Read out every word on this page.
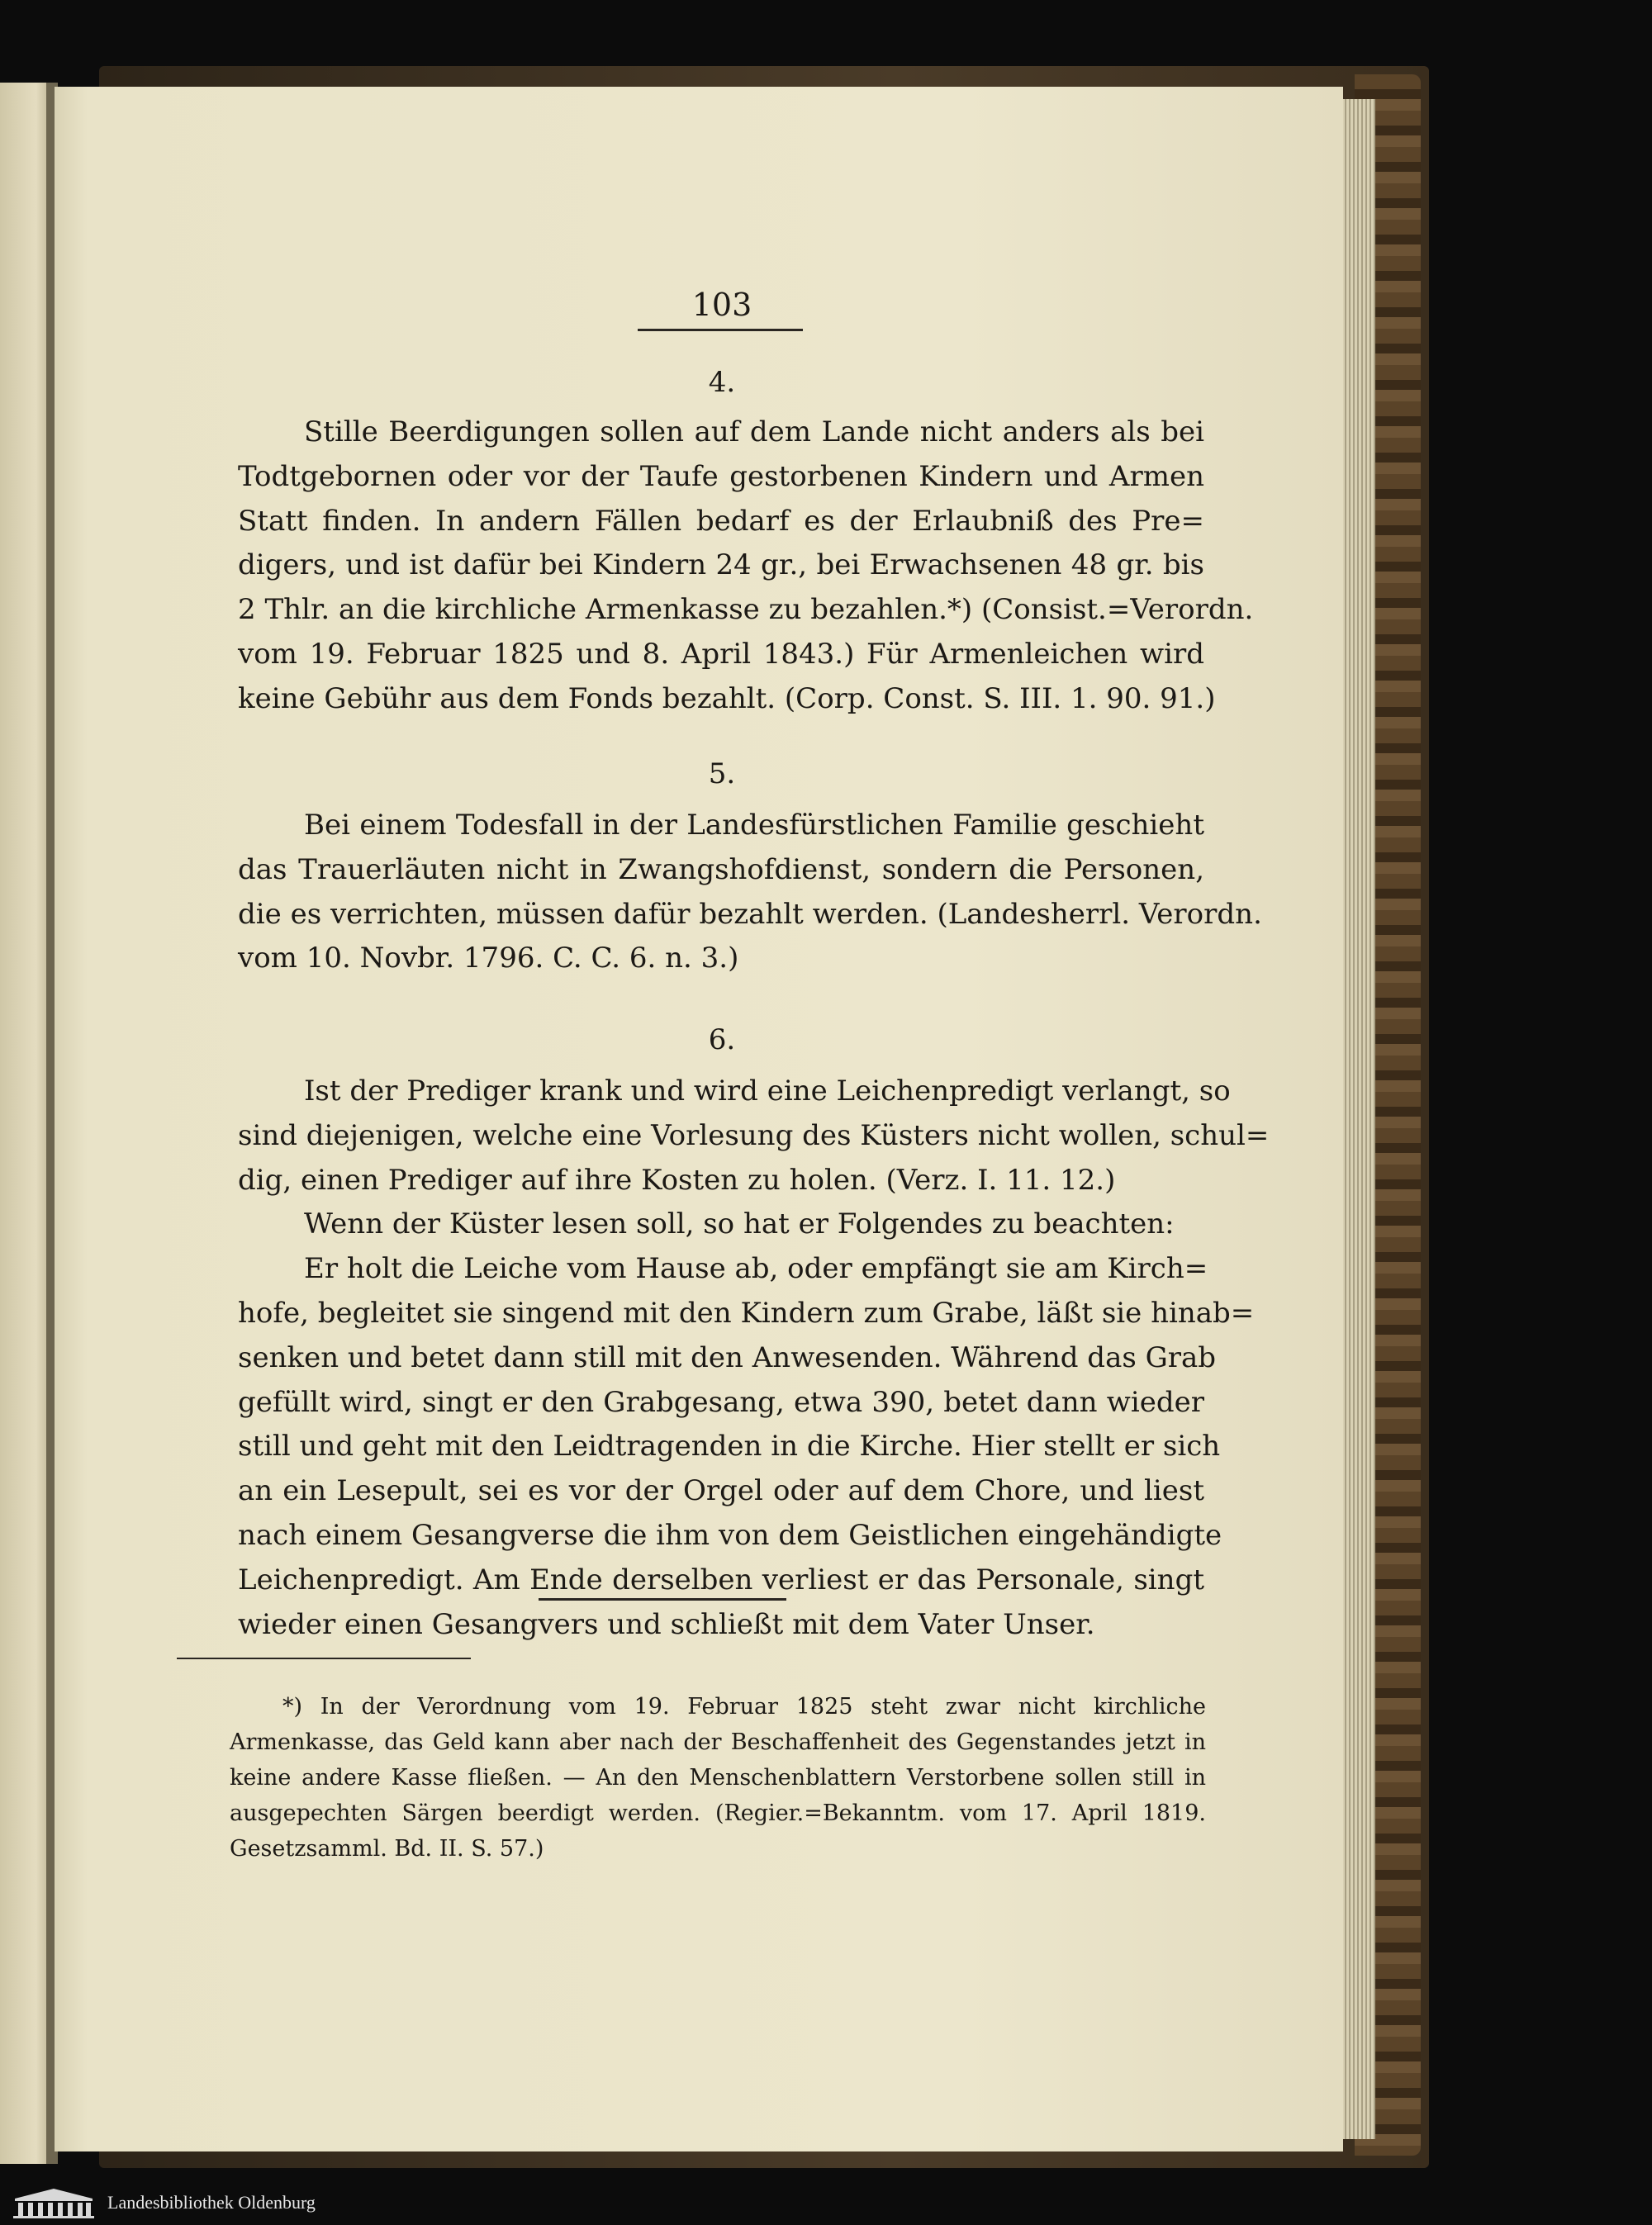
103
4.
Stille Beerdigungen sollen auf dem Lande nicht anders als bei
Todtgebornen oder vor der Taufe gestorbenen Kindern und Armen
Statt finden. In andern Fällen bedarf es der Erlaubniß des Pre=
digers, und ist dafür bei Kindern 24 gr., bei Erwachsenen 48 gr. bis
2 Thlr. an die kirchliche Armenkasse zu bezahlen.*) (Consist.=Verordn.
vom 19. Februar 1825 und 8. April 1843.) Für Armenleichen wird
keine Gebühr aus dem Fonds bezahlt. (Corp. Const. S. III. 1. 90. 91.)
5.
Bei einem Todesfall in der Landesfürstlichen Familie geschieht
das Trauerläuten nicht in Zwangshofdienst, sondern die Personen,
die es verrichten, müssen dafür bezahlt werden. (Landesherrl. Verordn.
vom 10. Novbr. 1796. C. C. 6. n. 3.)
6.
Ist der Prediger krank und wird eine Leichenpredigt verlangt, so
sind diejenigen, welche eine Vorlesung des Küsters nicht wollen, schul=
dig, einen Prediger auf ihre Kosten zu holen. (Verz. I. 11. 12.)
Wenn der Küster lesen soll, so hat er Folgendes zu beachten:
Er holt die Leiche vom Hause ab, oder empfängt sie am Kirch=
hofe, begleitet sie singend mit den Kindern zum Grabe, läßt sie hinab=
senken und betet dann still mit den Anwesenden. Während das Grab
gefüllt wird, singt er den Grabgesang, etwa 390, betet dann wieder
still und geht mit den Leidtragenden in die Kirche. Hier stellt er sich
an ein Lesepult, sei es vor der Orgel oder auf dem Chore, und liest
nach einem Gesangverse die ihm von dem Geistlichen eingehändigte
Leichenpredigt. Am Ende derselben verliest er das Personale, singt
wieder einen Gesangvers und schließt mit dem Vater Unser.
*) In der Verordnung vom 19. Februar 1825 steht zwar nicht kirchliche
Armenkasse, das Geld kann aber nach der Beschaffenheit des Gegenstandes jetzt in
keine andere Kasse fließen. — An den Menschenblattern Verstorbene sollen still in
ausgepechten Särgen beerdigt werden. (Regier.=Bekanntm. vom 17. April 1819.
Gesetzsamml. Bd. II. S. 57.)
Landesbibliothek Oldenburg
